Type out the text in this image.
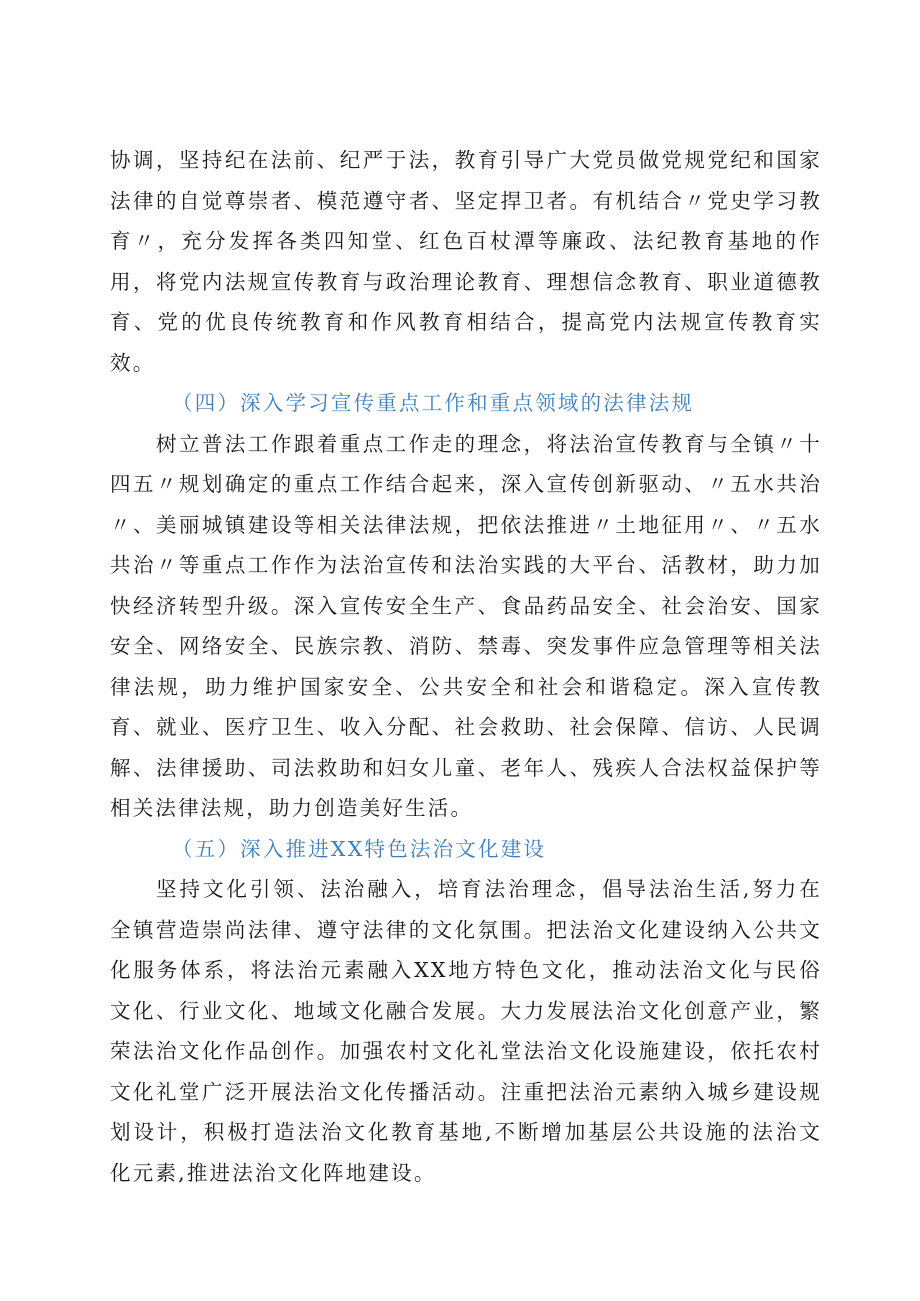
协调，坚持纪在法前、纪严于法，教育引导广大党员做党规党纪和国家法律的自觉尊崇者、模范遵守者、坚定捍卫者。有机结合〃党史学习教育〃，充分发挥各类四知堂、红色百杖潭等廉政、法纪教育基地的作用，将党内法规宣传教育与政治理论教育、理想信念教育、职业道德教育、党的优良传统教育和作风教育相结合，提高党内法规宣传教育实效。

（四）深入学习宣传重点工作和重点领域的法律法规

树立普法工作跟着重点工作走的理念，将法治宣传教育与全镇〃十四五〃规划确定的重点工作结合起来，深入宣传创新驱动、〃五水共治〃、美丽城镇建设等相关法律法规，把依法推进〃土地征用〃、〃五水共治〃等重点工作作为法治宣传和法治实践的大平台、活教材，助力加快经济转型升级。深入宣传安全生产、食品药品安全、社会治安、国家安全、网络安全、民族宗教、消防、禁毒、突发事件应急管理等相关法律法规，助力维护国家安全、公共安全和社会和谐稳定。深入宣传教育、就业、医疗卫生、收入分配、社会救助、社会保障、信访、人民调解、法律援助、司法救助和妇女儿童、老年人、残疾人合法权益保护等相关法律法规，助力创造美好生活。

（五）深入推进XX特色法治文化建设

坚持文化引领、法治融入，培育法治理念，倡导法治生活,努力在全镇营造崇尚法律、遵守法律的文化氛围。把法治文化建设纳入公共文化服务体系，将法治元素融入XX地方特色文化，推动法治文化与民俗文化、行业文化、地域文化融合发展。大力发展法治文化创意产业，繁荣法治文化作品创作。加强农村文化礼堂法治文化设施建设，依托农村文化礼堂广泛开展法治文化传播活动。注重把法治元素纳入城乡建设规划设计，积极打造法治文化教育基地,不断增加基层公共设施的法治文化元素,推进法治文化阵地建设。
